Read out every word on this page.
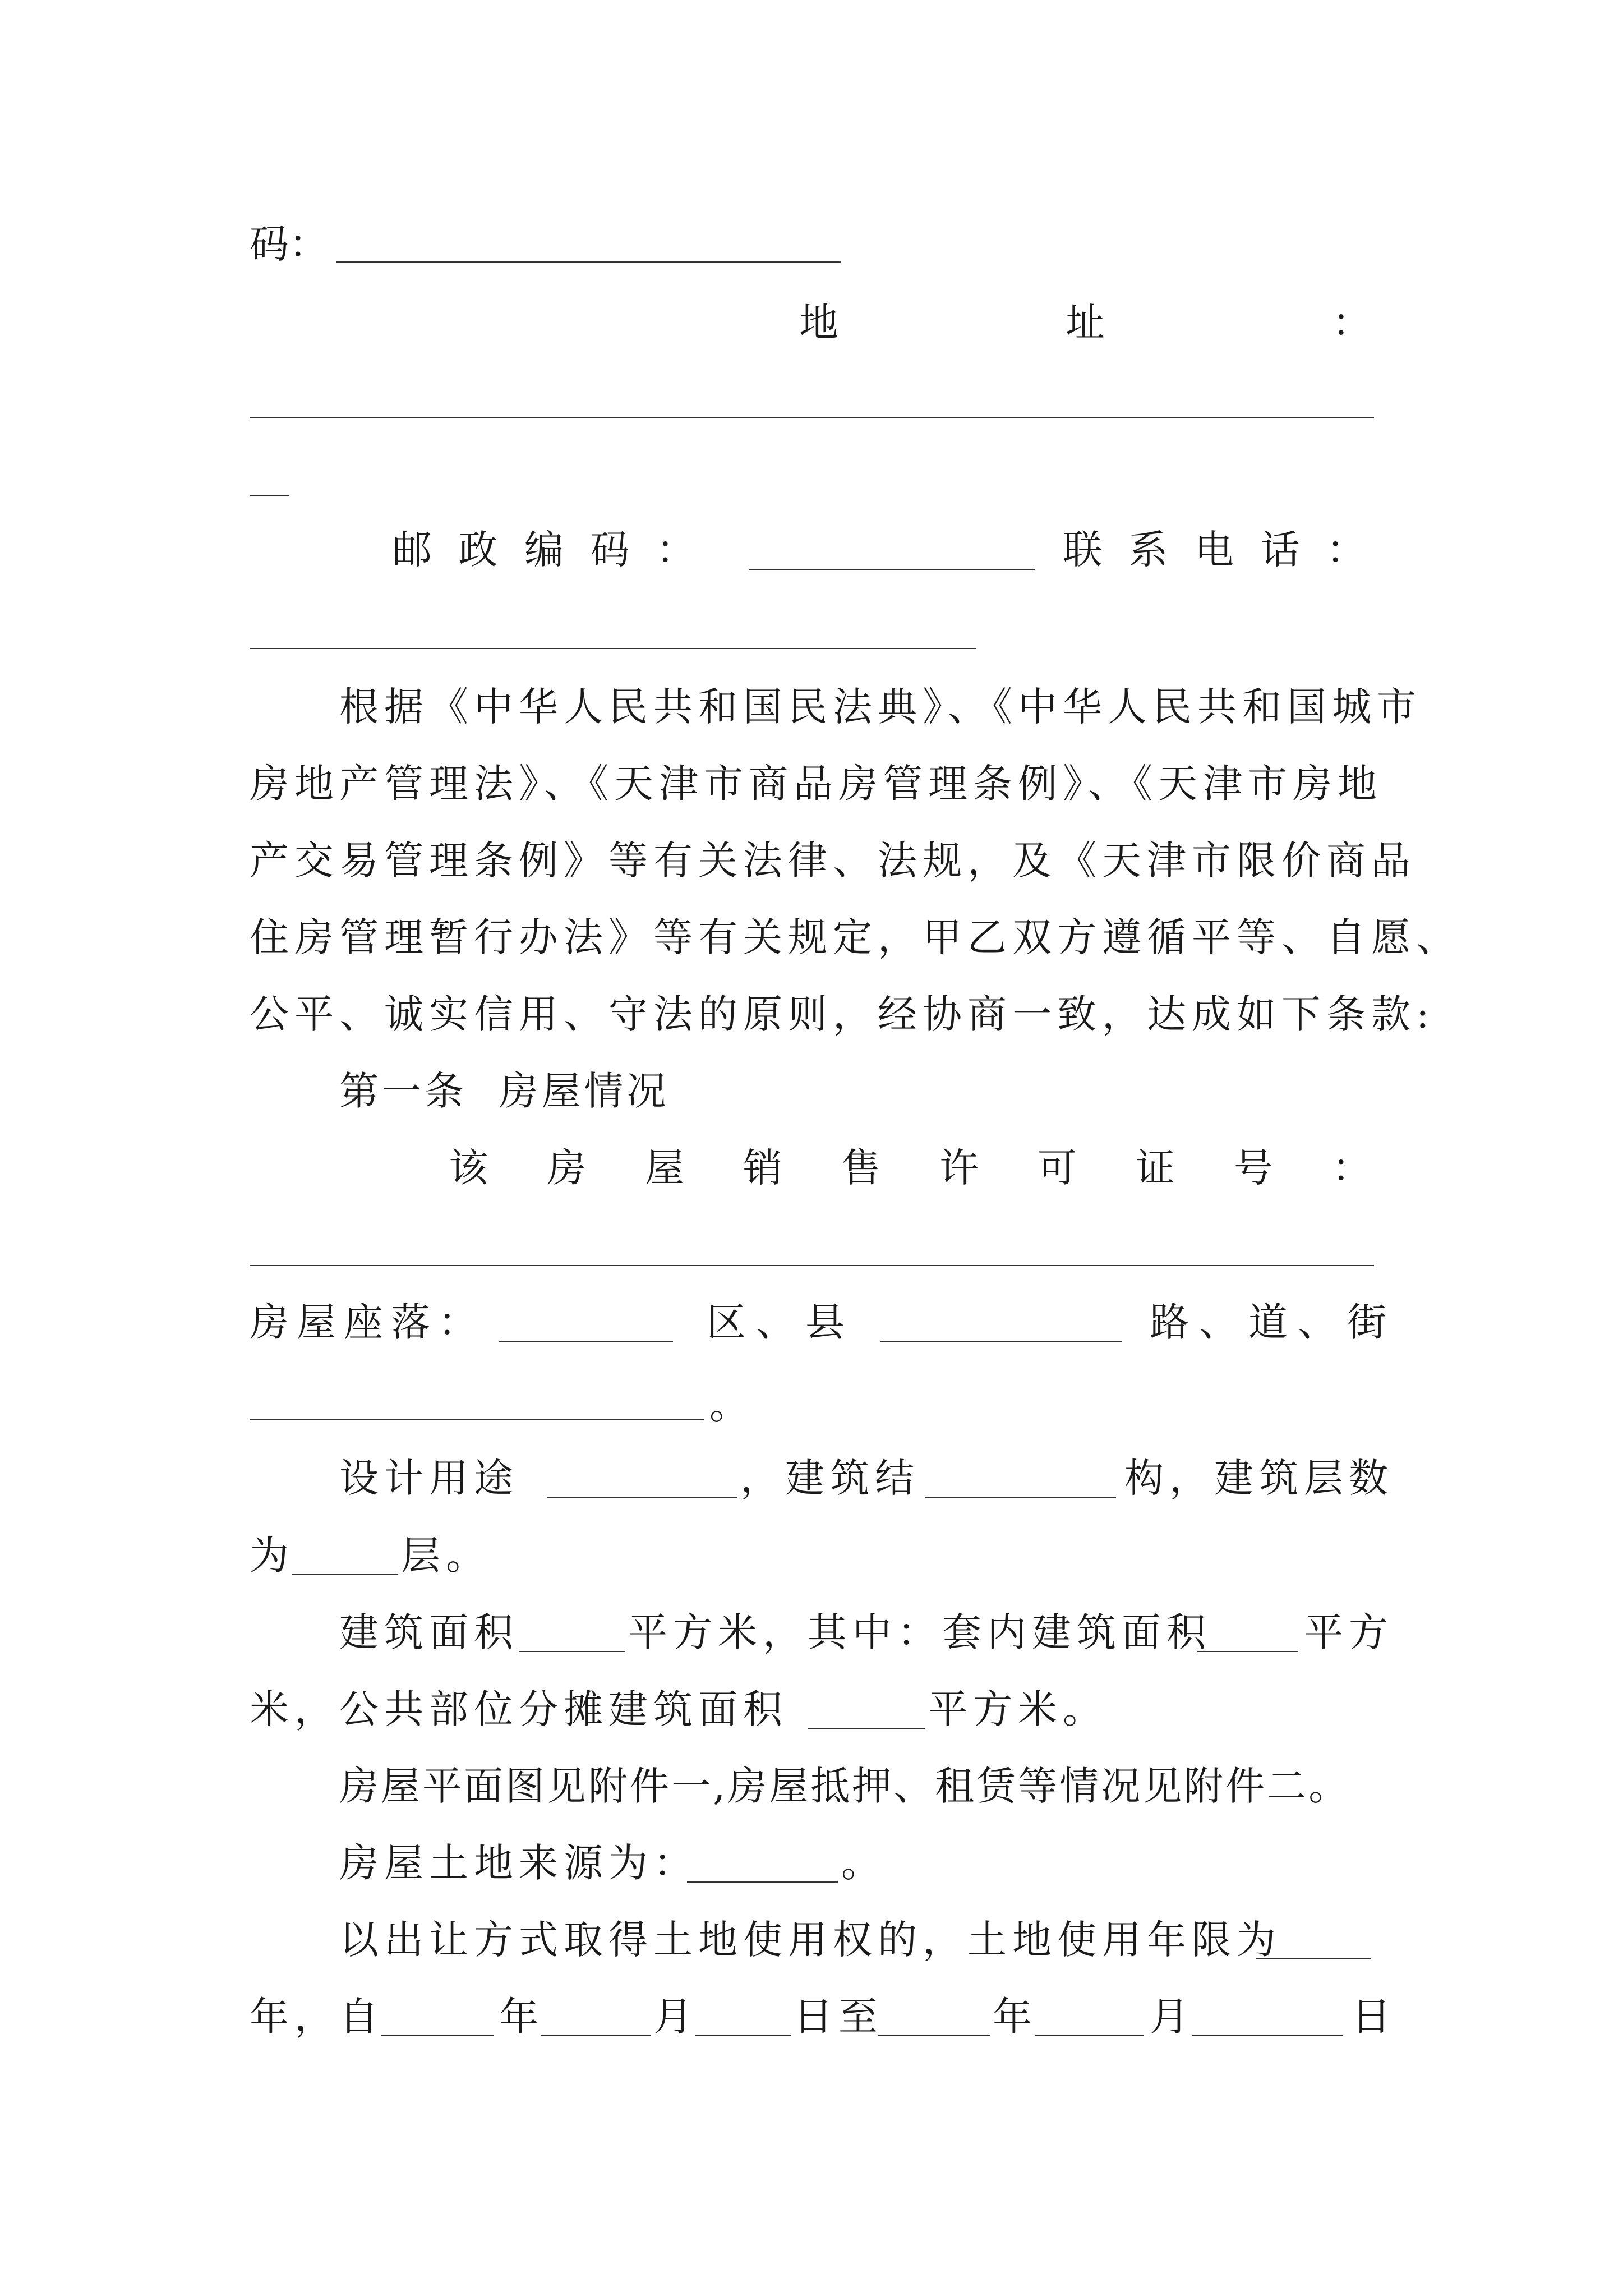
码：
地	址	：
邮 政 编 码 ：	联 系 电 话 ：
根据《中华人民共和国民法典》、《中华人民共和国城市
房地产管理法》、《天津市商品房管理条例》、《天津市房地
产交易管理条例》等有关法律、法规，及《天津市限价商品
住房管理暂行办法》等有关规定，甲乙双方遵循平等、自愿、
公平、诚实信用、守法的原则，经协商一致，达成如下条款:
第一条  房屋情况
该 房 屋 销 售 许 可 证 号 ：
房屋座落：	区、县	路、道、街
。
设计用途	，建筑结	构，建筑层数
为	层。
建筑面积	平方米，其中：套内建筑面积 平方
米，公共部位分摊建筑面积	平方米。
房屋平面图见附件一,房屋抵押、租赁等情况见附件二。
房屋土地来源为：	。
以出让方式取得土地使用权的，土地使用年限为
年，自	年	月	日至	年	月	日
